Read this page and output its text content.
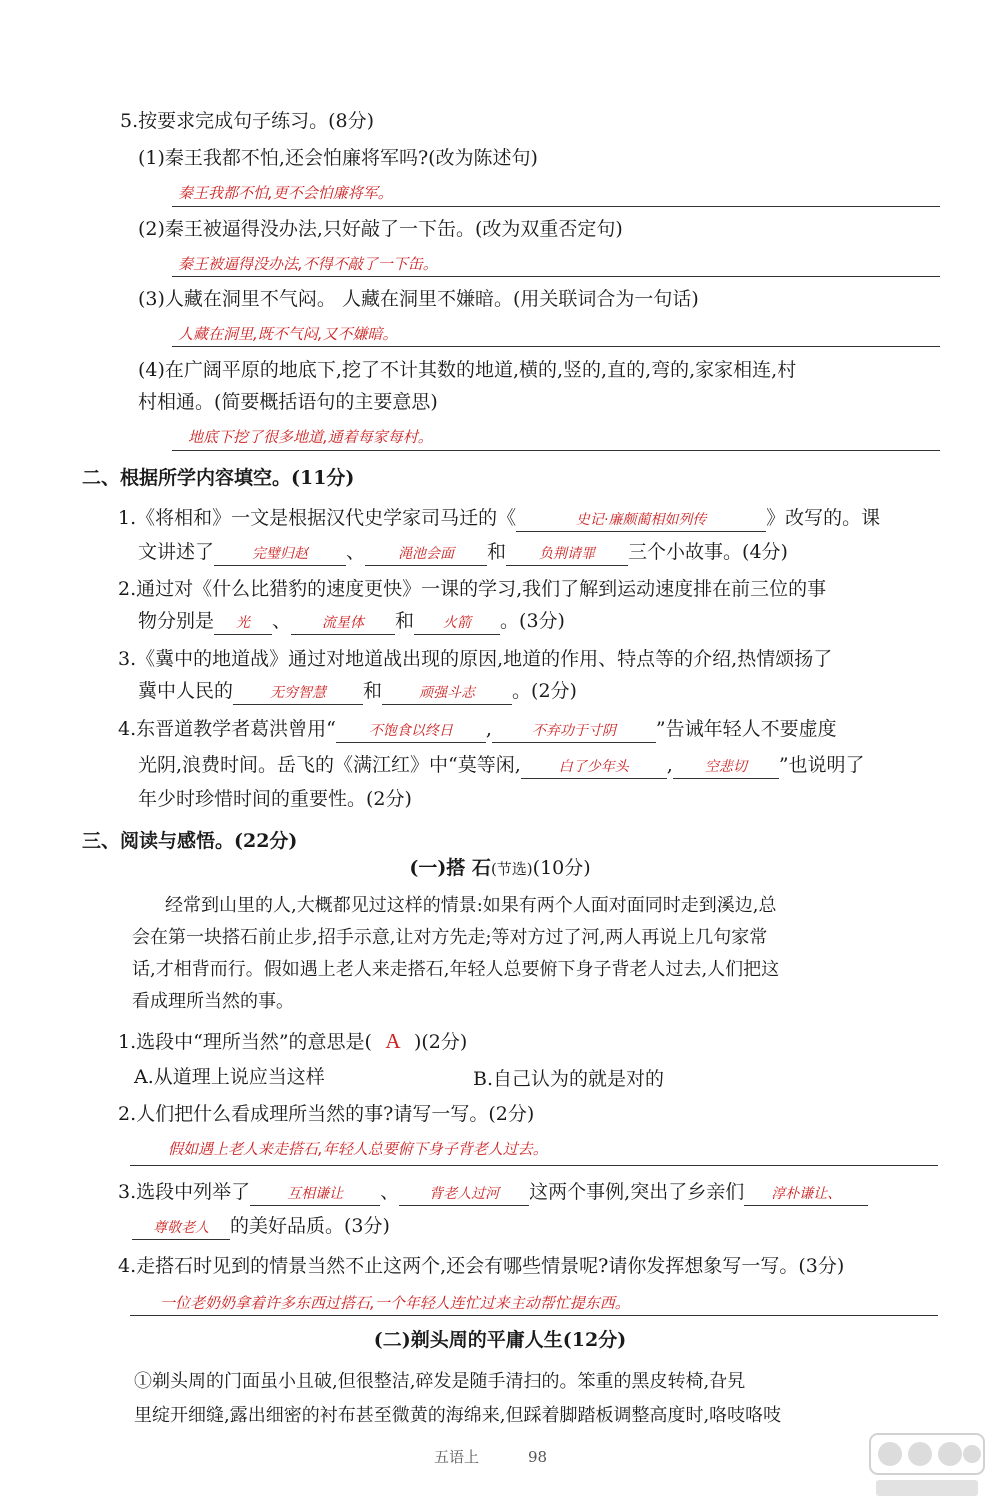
5.按要求完成句子练习。(8分)
(1)秦王我都不怕,还会怕廉将军吗?(改为陈述句)
秦王我都不怕,更不会怕廉将军。
(2)秦王被逼得没办法,只好敲了一下缶。(改为双重否定句)
秦王被逼得没办法,不得不敲了一下缶。
(3)人藏在洞里不气闷。 人藏在洞里不嫌暗。(用关联词合为一句话)
人藏在洞里,既不气闷,又不嫌暗。
(4)在广阔平原的地底下,挖了不计其数的地道,横的,竖的,直的,弯的,家家相连,村
村相通。(简要概括语句的主要意思)
地底下挖了很多地道,通着每家每村。
二、根据所学内容填空。(11分)
1.《将相和》一文是根据汉代史学家司马迁的《	史记·廉颇蔺相如列传	》改写的。课
文讲述了	完璧归赵 、 渑池会面 和 负荆请罪 三个小故事。(4分)
2.通过对《什么比猎豹的速度更快》一课的学习,我们了解到运动速度排在前三位的事
物分别是 光 、 流星体 和 火箭 。(3分)
3.《冀中的地道战》通过对地道战出现的原因,地道的作用、特点等的介绍,热情颂扬了
冀中人民的	无穷智慧 和	顽强斗志 。(2分)
4.东晋道教学者葛洪曾用“ 不饱食以终日 ,	不弃功于寸阴 ”告诫年轻人不要虚度
光阴,浪费时间。岳飞的《满江红》中“莫等闲,	白了少年头 , 空悲切 ”也说明了
年少时珍惜时间的重要性。(2分)
三、阅读与感悟。(22分)
(一)搭 石(节选)(10分)
经常到山里的人,大概都见过这样的情景:如果有两个人面对面同时走到溪边,总
会在第一块搭石前止步,招手示意,让对方先走;等对方过了河,两人再说上几句家常
话,才相背而行。假如遇上老人来走搭石,年轻人总要俯下身子背老人过去,人们把这
看成理所当然的事。
1.选段中“理所当然”的意思是( A )(2分)
A.从道理上说应当这样	B.自己认为的就是对的
2.人们把什么看成理所当然的事?请写一写。(2分)
假如遇上老人来走搭石,年轻人总要俯下身子背老人过去。
3.选段中列举了	互相谦让 、 背老人过河 这两个事例,突出了乡亲们 淳朴谦让、
尊敬老人 的美好品质。(3分)
4.走搭石时见到的情景当然不止这两个,还会有哪些情景呢?请你发挥想象写一写。(3分)
一位老奶奶拿着许多东西过搭石,一个年轻人连忙过来主动帮忙提东西。
(二)剃头周的平庸人生(12分)
①剃头周的门面虽小且破,但很整洁,碎发是随手清扫的。笨重的黑皮转椅,旮旯
里绽开细缝,露出细密的衬布甚至微黄的海绵来,但踩着脚踏板调整高度时,咯吱咯吱
五语上	98
